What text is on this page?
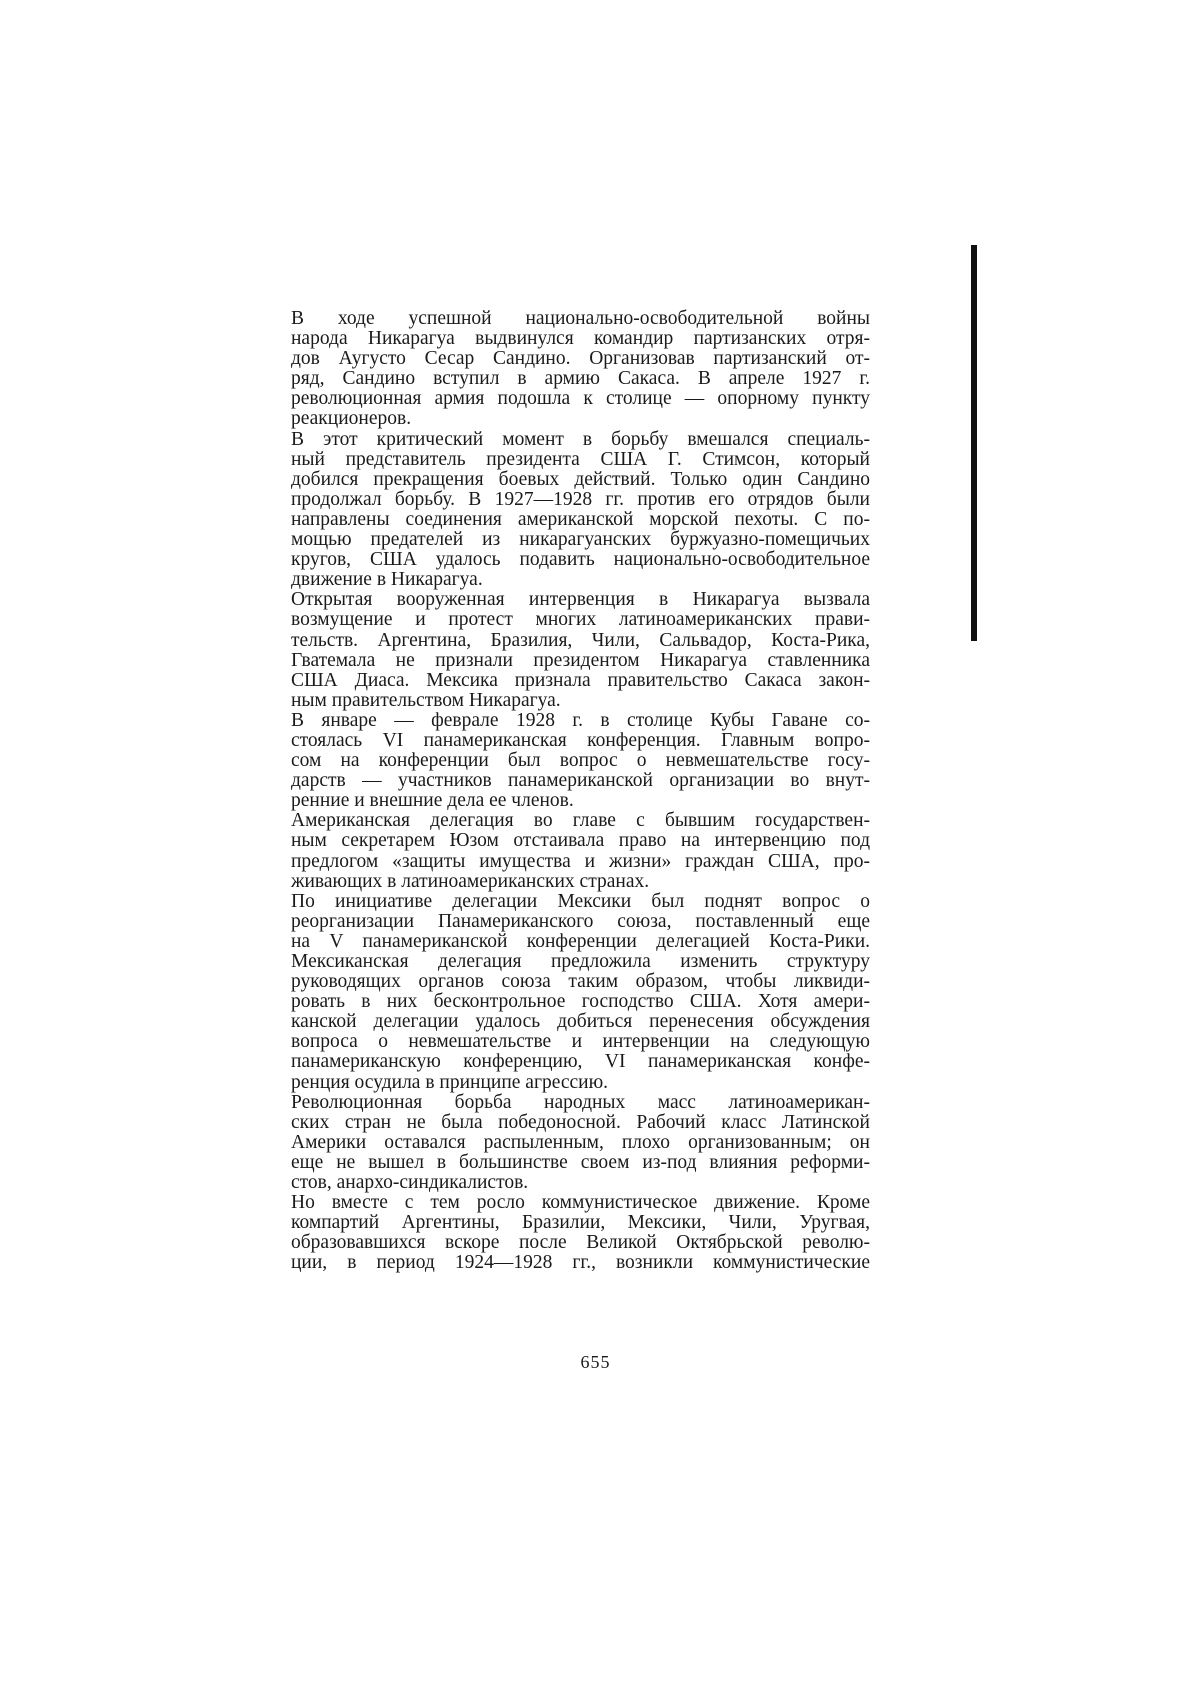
В ходе успешной национально-освободительной войны
народа Никарагуа выдвинулся командир партизанских отря-
дов Аугусто Сесар Сандино. Организовав партизанский от-
ряд, Сандино вступил в армию Сакаса. В апреле 1927 г.
революционная армия подошла к столице — опорному пункту
реакционеров.

В этот критический момент в борьбу вмешался специаль-
ный представитель президента США Г. Стимсон, который
добился прекращения боевых действий. Только один Сандино
продолжал борьбу. В 1927—1928 гг. против его отрядов были
направлены соединения американской морской пехоты. С по-
мощью предателей из никарагуанских буржуазно-помещичьих
кругов, США удалось подавить национально-освободительное
движение в Никарагуа.

Открытая вооруженная интервенция в Никарагуа вызвала
возмущение и протест многих латиноамериканских прави-
тельств. Аргентина, Бразилия, Чили, Сальвадор, Коста-Рика,
Гватемала не признали президентом Никарагуа ставленника
США Диаса. Мексика признала правительство Сакаса закон-
ным правительством Никарагуа.

В январе — феврале 1928 г. в столице Кубы Гаване со-
стоялась VI панамериканская конференция. Главным вопро-
сом на конференции был вопрос о невмешательстве госу-
дарств — участников панамериканской организации во внут-
ренние и внешние дела ее членов.

Американская делегация во главе с бывшим государствен-
ным секретарем Юзом отстаивала право на интервенцию под
предлогом «защиты имущества и жизни» граждан США, про-
живающих в латиноамериканских странах.

По инициативе делегации Мексики был поднят вопрос о
реорганизации Панамериканского союза, поставленный еще
на V панамериканской конференции делегацией Коста-Рики.
Мексиканская делегация предложила изменить структуру
руководящих органов союза таким образом, чтобы ликвиди-
ровать в них бесконтрольное господство США. Хотя амери-
канской делегации удалось добиться перенесения обсуждения
вопроса о невмешательстве и интервенции на следующую
панамериканскую конференцию, VI панамериканская конфе-
ренция осудила в принципе агрессию.

Революционная борьба народных масс латиноамерикан-
ских стран не была победоносной. Рабочий класс Латинской
Америки оставался распыленным, плохо организованным; он
еще не вышел в большинстве своем из-под влияния реформи-
стов, анархо-синдикалистов.

Но вместе с тем росло коммунистическое движение. Кроме
компартий Аргентины, Бразилии, Мексики, Чили, Уругвая,
образовавшихся вскоре после Великой Октябрьской револю-
ции, в период 1924—1928 гг., возникли коммунистические

655
